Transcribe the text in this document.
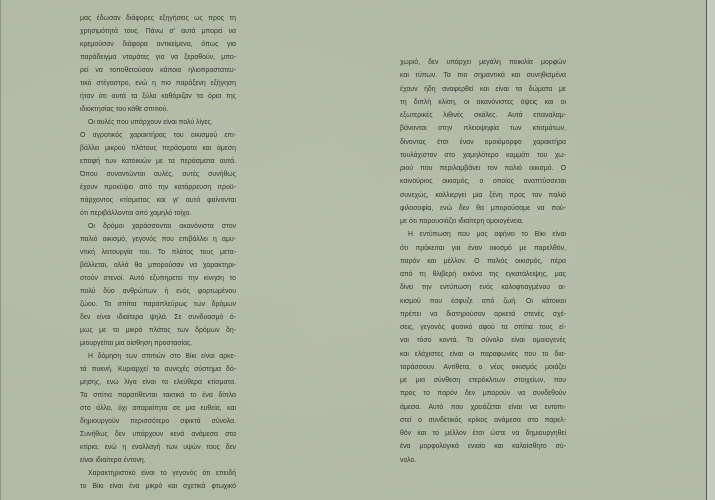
μας έδωσαν διάφορες εξηγήσεις ως προς τη
χρησιμότητά τους. Πάνω σ' αυτά μπορεί να
κρεμούσαν διάφορα αντικείμενα, όπως για
παράδειγμα ντομάτες για να ξεραθούν, μπο-
ρεί να τοποθετούσαν κάποιο ηλιοπροστατευ-
τικό στέγαστρο, ενώ η πιο παράξενη εξήγηση
ήταν ότι αυτά τα ξύλα καθόριζαν τα όρια της
ιδιοκτησίας του κάθε σπιτιού.
Οι αυλές που υπάρχουν είναι πολύ λίγες.
Ο αγροτικός χαρακτήρας του οικισμού επι-
βάλλει μικρού πλάτους περάσματα και άμεση
επαφή των κατοικιών με τα περάσματα αυτά.
Όπου συναντώνται αυλές, αυτές συνήθως
έχουν προκύψει από την κατάρρευση προϋ-
πάρχοντος κτίσματος και γι' αυτό φαίνονται
ότι περιβάλλονται από χαμηλό τοίχο.
Οι δρόμοι χαράσσονται ακανόνιστα στον
παλιό οικισμό, γεγονός που επιβάλλει η αμυ-
ντική λειτουργία του. Το πλάτος τους μετα-
βάλλεται, αλλά θα μπορούσαν να χαρακτηρι-
στούν στενοί. Αυτό εξυπηρετεί την κίνηση το
πολύ δύο ανθρώπων ή ενός φορτωμένου
ζώου. Τα σπίτια παραπλεύρως των δρόμων
δεν είναι ιδιαίτερα ψηλά. Σε συνδυασμό ό-
μως με το μικρό πλάτος των δρόμων δη-
μιουργείται μια αίσθηση προστασίας.
Η δόμηση των σπιτιών στο Βίκι είναι αρκε-
τά πυκνή. Κυριαρχεί το συνεχές σύστημα δό-
μησης, ενώ λίγα είναι τα ελεύθερα κτίσματα.
Τα σπίτια παρατίθενται τακτικά το ένα δίπλα
στο άλλο, όχι απαραίτητα σε μια ευθεία, και
δημιουργούν περισσότερο σφικτά σύνολα.
Συνήθως δεν υπάρχουν κενά ανάμεσα στα
κτίρια, ενώ η εναλλαγή των υψών τους δεν
είναι ιδιαίτερα έντονη.
Χαρακτηριστικό είναι το γεγονός ότι επειδή
το Βίκι είναι ένα μικρό και σχετικά φτωχικό
χωριό, δεν υπάρχει μεγάλη ποικιλία μορφών
και τύπων. Τα πιο σημαντικά και συνηθισμένα
έχουν ήδη αναφερθεί και είναι τα δώματα με
τη διπλή κλίση, οι ακανόνιστες όψεις και οι
εξωτερικές λιθινές σκάλες. Αυτά επαναλαμ-
βάνονται στην πλειοψηφία των κτισμάτων,
δίνοντας έτσι έναν ομοιόμορφο χαρακτήρα
τουλάχιστον στο χαμηλότερο κομμάτι του χω-
ριού που περιλαμβάνει τον παλιό οικισμό. Ο
καινούριος οικισμός, ο οποίος αναπτύσσεται
συνεχώς, καλλιεργεί μια ξένη προς τον παλιό
φιλοσοφία, ενώ δεν θα μπορούσαμε να πού-
με ότι παρουσιάζει ιδιαίτερη ομοιογένεια.
Η εντύπωση που μας αφήνει το Βίκι είναι
ότι πρόκειται για έναν οικισμό με παρελθόν,
παρόν και μέλλον. Ο παλιός οικισμός, πέρα
από τη θλιβερή εικόνα της εγκατάλειψης, μας
δίνει την εντύπωση ενός καλοφτιαγμένου οι-
κισμού που έσφυζε από ζωή. Οι κάτοικοι
πρέπει να διατηρούσαν αρκετά στενές σχέ-
σεις, γεγονός φυσικό αφού τα σπίτια τους εί-
ναι τόσο κοντά. Το σύνολο είναι ομοιογενές
και ελάχιστες είναι οι παραφωνίες που το δια-
ταράσσουν. Αντίθετα, ο νέος οικισμός μοιάζει
με μια σύνθεση ετερόκλιτων στοιχείων, που
προς το παρόν δεν μπορούν να συνδεθούν
άμεσα. Αυτό που χρειάζεται είναι να εντοπι-
στεί ο συνδετικός κρίκος ανάμεσα στο παρελ-
θόν και το μέλλον έτσι ώστε να δημιουργηθεί
ένα μορφολογικά ενιαίο και καλαίσθητο σύ-
νολο.
